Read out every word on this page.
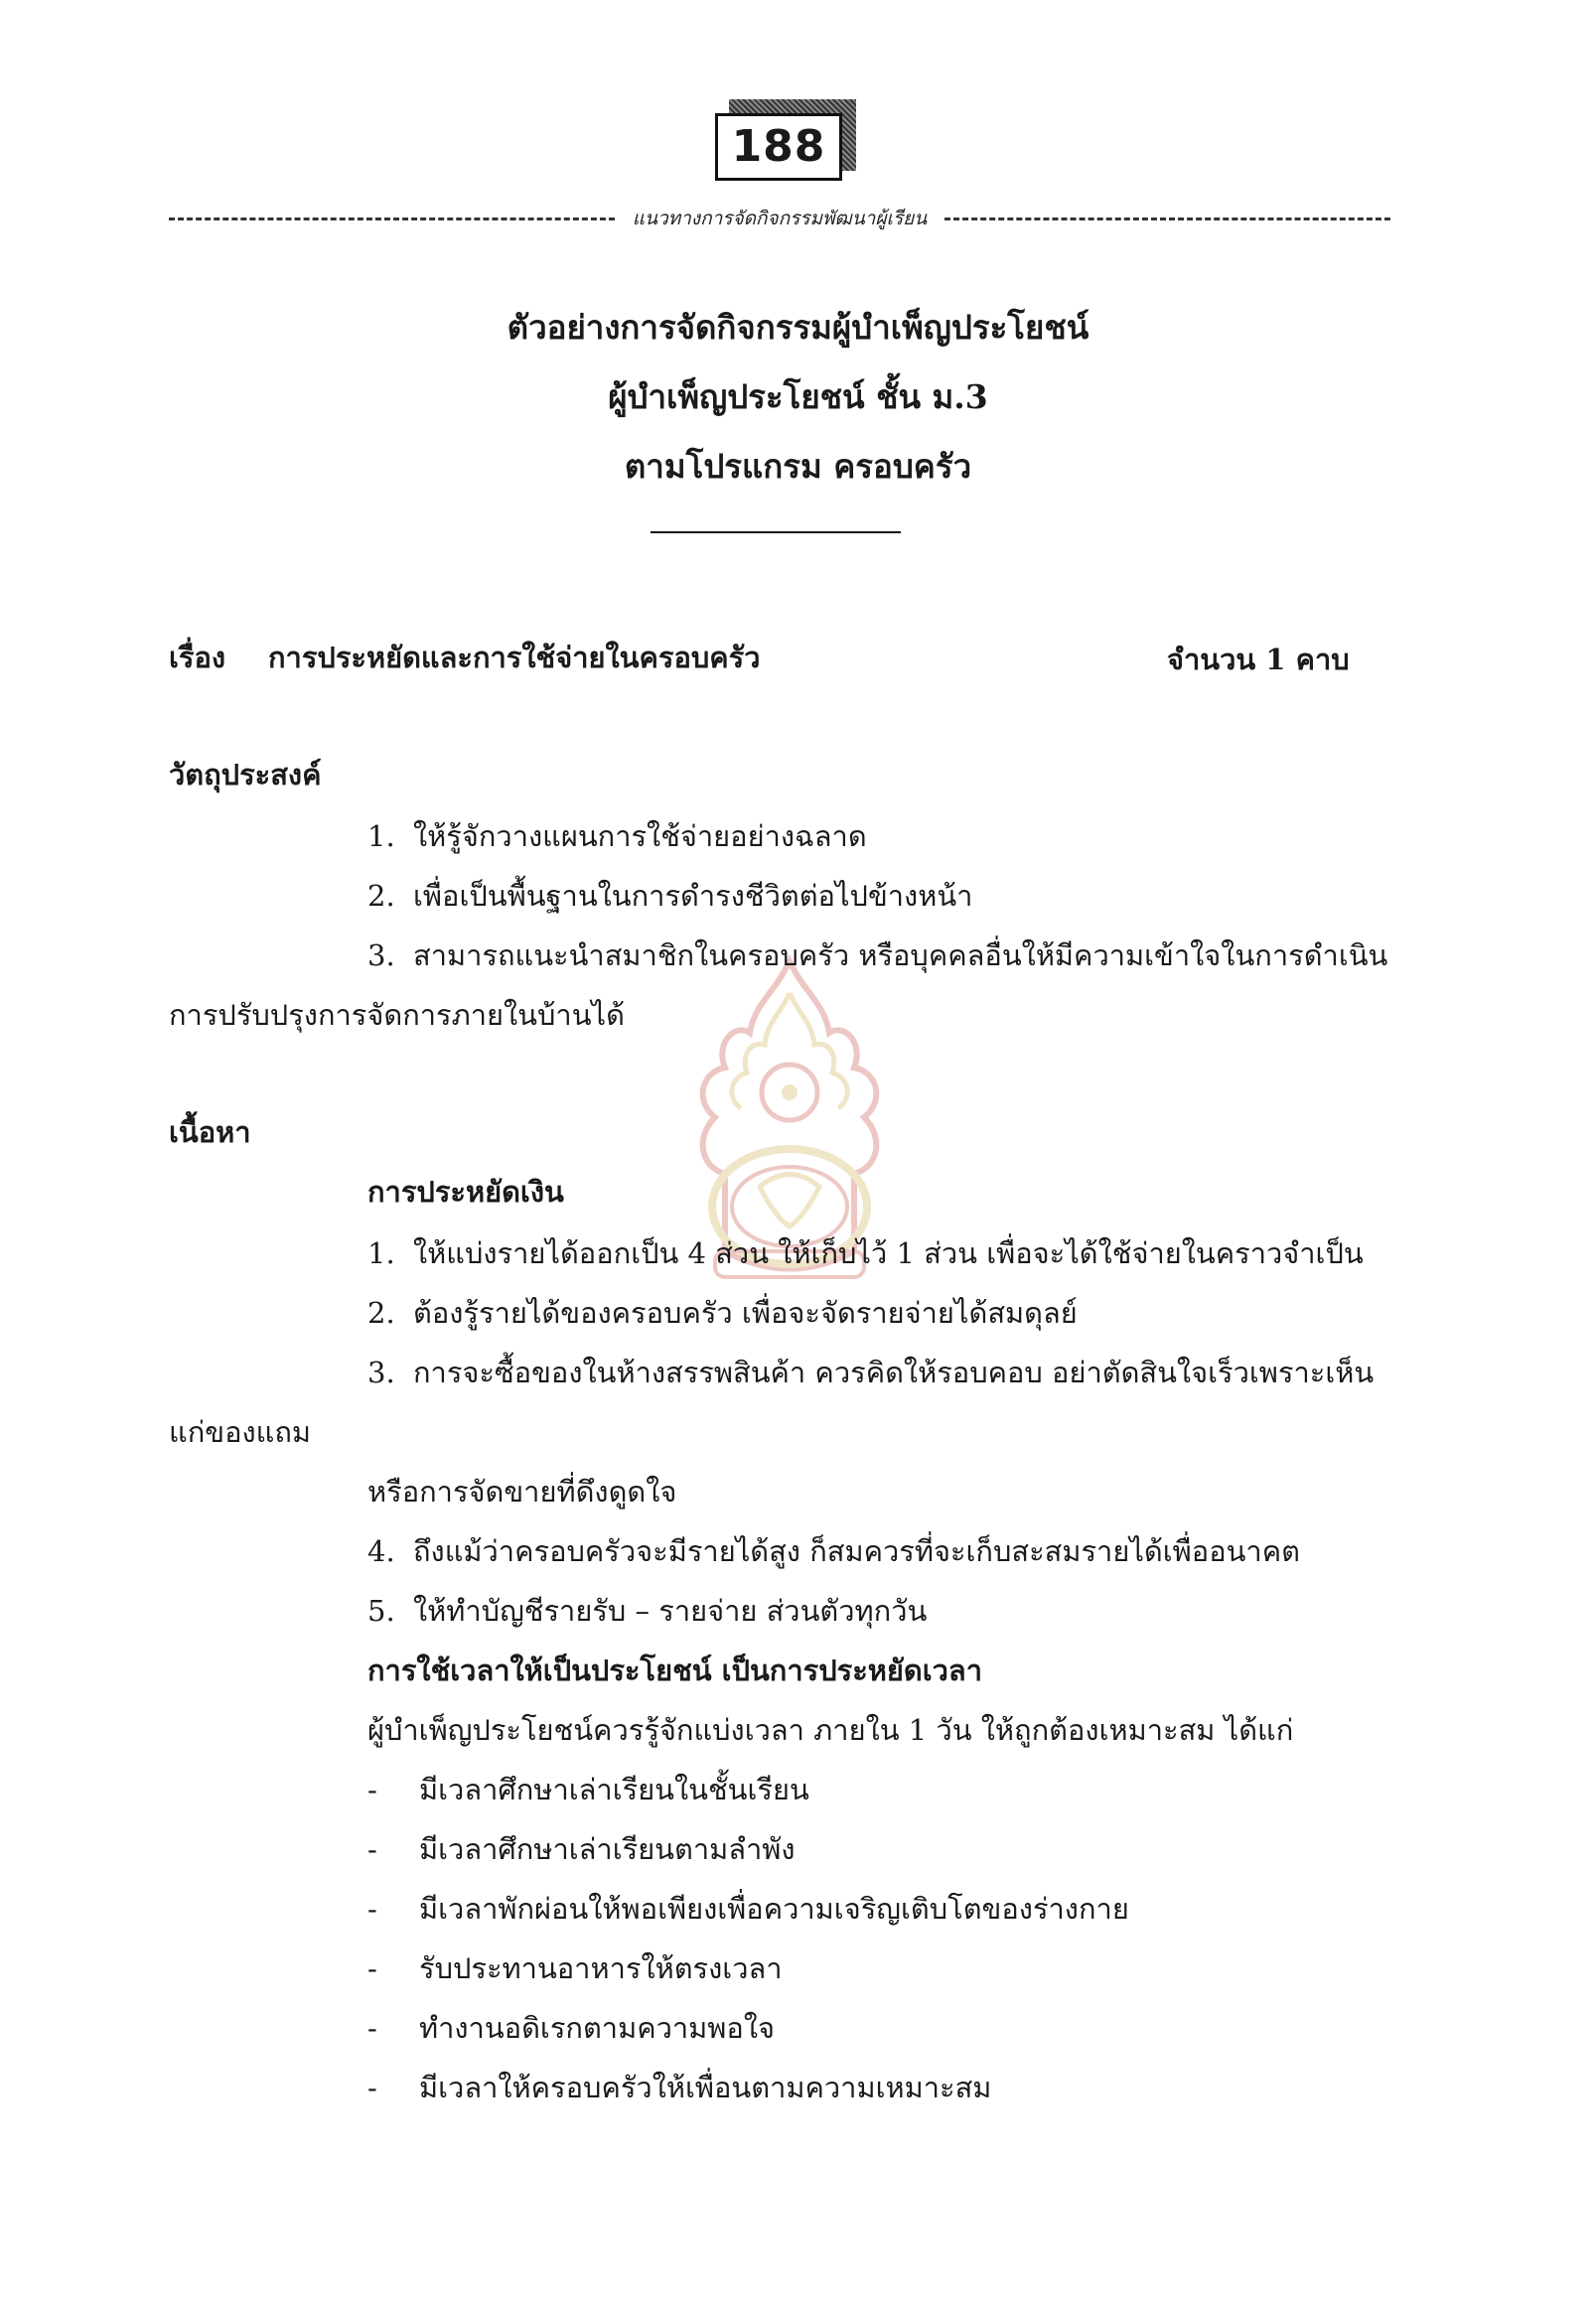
188
แนวทางการจัดกิจกรรมพัฒนาผู้เรียน
ตัวอย่างการจัดกิจกรรมผู้บำเพ็ญประโยชน์
ผู้บำเพ็ญประโยชน์ ชั้น ม.3
ตามโปรแกรม ครอบครัว
เรื่อง การประหยัดและการใช้จ่ายในครอบครัว	จำนวน 1 คาบ
วัตถุประสงค์
1. ให้รู้จักวางแผนการใช้จ่ายอย่างฉลาด
2. เพื่อเป็นพื้นฐานในการดำรงชีวิตต่อไปข้างหน้า
3. สามารถแนะนำสมาชิกในครอบครัว หรือบุคคลอื่นให้มีความเข้าใจในการดำเนิน
การปรับปรุงการจัดการภายในบ้านได้
เนื้อหา
การประหยัดเงิน
1. ให้แบ่งรายได้ออกเป็น 4 ส่วน ให้เก็บไว้ 1 ส่วน เพื่อจะได้ใช้จ่ายในคราวจำเป็น
2. ต้องรู้รายได้ของครอบครัว เพื่อจะจัดรายจ่ายได้สมดุลย์
3. การจะซื้อของในห้างสรรพสินค้า ควรคิดให้รอบคอบ อย่าตัดสินใจเร็วเพราะเห็น
แก่ของแถม
หรือการจัดขายที่ดึงดูดใจ
4. ถึงแม้ว่าครอบครัวจะมีรายได้สูง ก็สมควรที่จะเก็บสะสมรายได้เพื่ออนาคต
5. ให้ทำบัญชีรายรับ – รายจ่าย ส่วนตัวทุกวัน
การใช้เวลาให้เป็นประโยชน์ เป็นการประหยัดเวลา
ผู้บำเพ็ญประโยชน์ควรรู้จักแบ่งเวลา ภายใน 1 วัน ให้ถูกต้องเหมาะสม ได้แก่
- มีเวลาศึกษาเล่าเรียนในชั้นเรียน
- มีเวลาศึกษาเล่าเรียนตามลำพัง
- มีเวลาพักผ่อนให้พอเพียงเพื่อความเจริญเติบโตของร่างกาย
- รับประทานอาหารให้ตรงเวลา
- ทำงานอดิเรกตามความพอใจ
- มีเวลาให้ครอบครัวให้เพื่อนตามความเหมาะสม
